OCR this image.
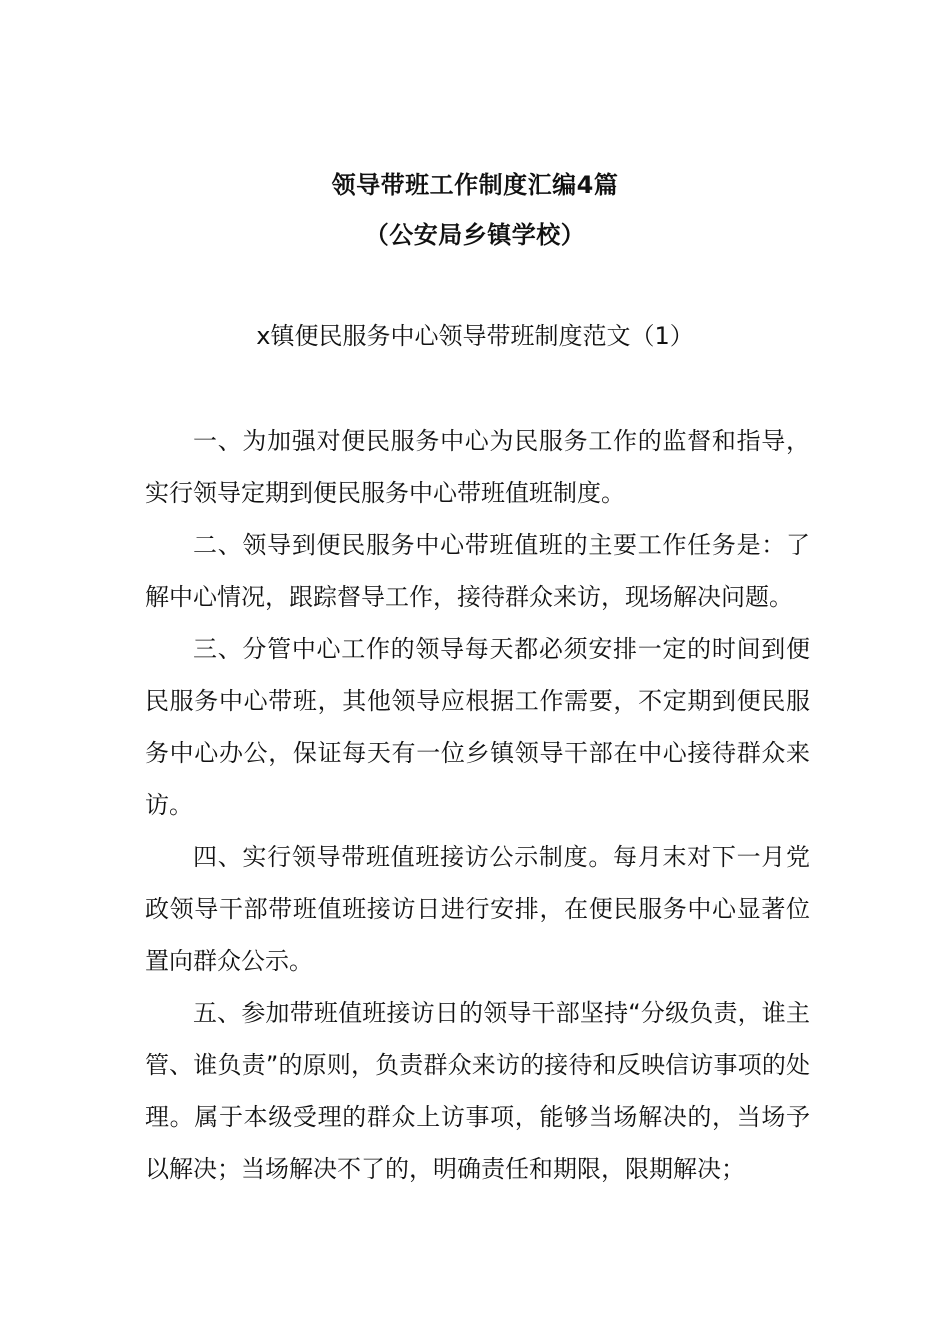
领导带班工作制度汇编4篇
（公安局乡镇学校）
x镇便民服务中心领导带班制度范文（1）

一、为加强对便民服务中心为民服务工作的监督和指导，实行领导定期到便民服务中心带班值班制度。

二、领导到便民服务中心带班值班的主要工作任务是：了解中心情况，跟踪督导工作，接待群众来访，现场解决问题。

三、分管中心工作的领导每天都必须安排一定的时间到便民服务中心带班，其他领导应根据工作需要，不定期到便民服务中心办公，保证每天有一位乡镇领导干部在中心接待群众来访。

四、实行领导带班值班接访公示制度。每月末对下一月党政领导干部带班值班接访日进行安排，在便民服务中心显著位置向群众公示。

五、参加带班值班接访日的领导干部坚持“分级负责，谁主管、谁负责”的原则，负责群众来访的接待和反映信访事项的处理。属于本级受理的群众上访事项，能够当场解决的，当场予以解决；当场解决不了的，明确责任和期限，限期解决；
